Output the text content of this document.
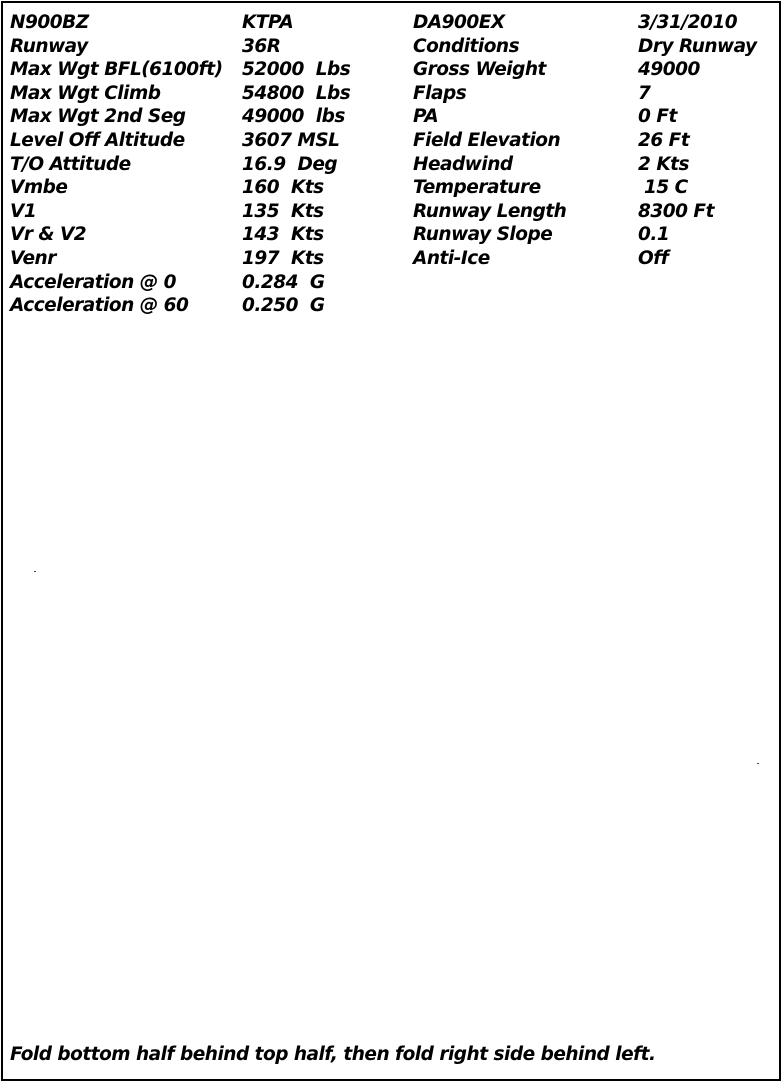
N900BZ	KTPA	DA900EX	3/31/2010
Runway	36R	Conditions	Dry Runway
Max Wgt BFL(6100ft) 52000  Lbs	Gross Weight	49000
Max Wgt Climb	54800  Lbs	Flaps	7
Max Wgt 2nd Seg	49000  lbs	PA	0 Ft
Level Off Altitude	3607 MSL	Field Elevation	26 Ft
T/O Attitude	16.9  Deg	Headwind	2 Kts
Vmbe	160  Kts	Temperature	15 C
V1	135  Kts	Runway Length	8300 Ft
Vr & V2	143  Kts	Runway Slope	0.1
Venr	197  Kts	Anti-Ice	Off
Acceleration @ 0	0.284  G
Acceleration @ 60	0.250  G
Fold bottom half behind top half, then fold right side behind left.
